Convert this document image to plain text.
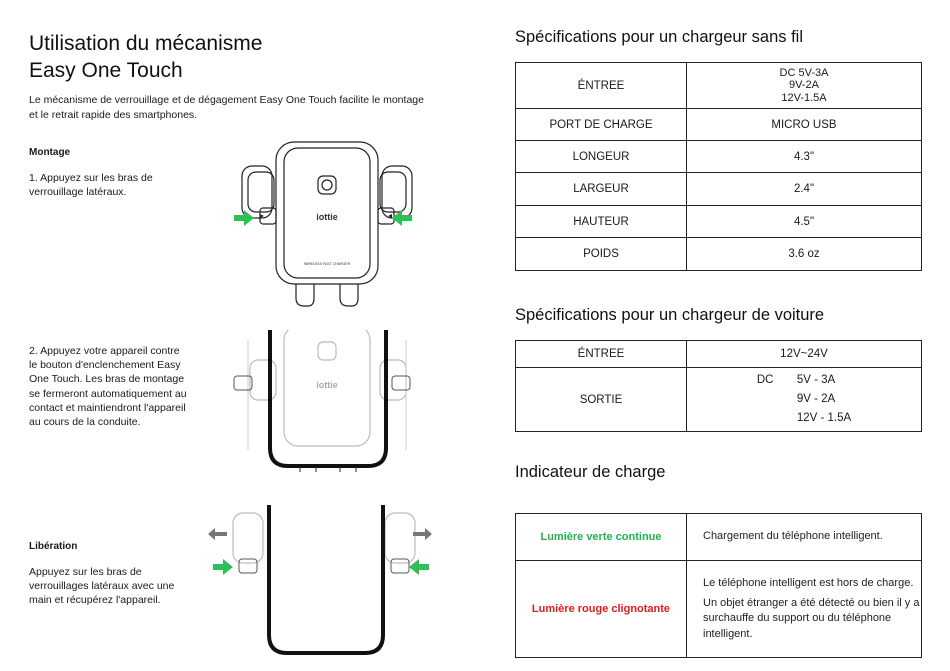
Utilisation du mécanisme
Easy One Touch
Le mécanisme de verrouillage et de dégagement Easy One Touch facilite le montage et le retrait rapide des smartphones.
Montage
1. Appuyez sur les bras de verrouillage latéraux.
2. Appuyez votre appareil contre le bouton d'enclenchement Easy One Touch. Les bras de montage se fermeront automatiquement au contact et maintiendront l'appareil au cours de la conduite.
Libération
Appuyez sur les bras de verrouillages latéraux avec une main et récupérez l'appareil.
iottie
WIRELESS FAST CHARGER
iottie
Spécifications pour un chargeur sans fil
ÉNTREE	DC 5V-3A
9V-2A
12V-1.5A

PORT DE CHARGE	MICRO USB
LONGEUR	4.3"
LARGEUR	2.4"
HAUTEUR	4.5"
POIDS	3.6 oz
Spécifications pour un chargeur de voiture
ÉNTREE	12V~24V
SORTIE	DC 5V - 3A
9V - 2A
12V - 1.5A
Indicateur de charge
Lumière verte continue	Chargement du téléphone intelligent.
Lumière rouge clignotante	Le téléphone intelligent est hors de charge.
Un objet étranger a été détecté ou bien il y a surchauffe du support ou du téléphone intelligent.
